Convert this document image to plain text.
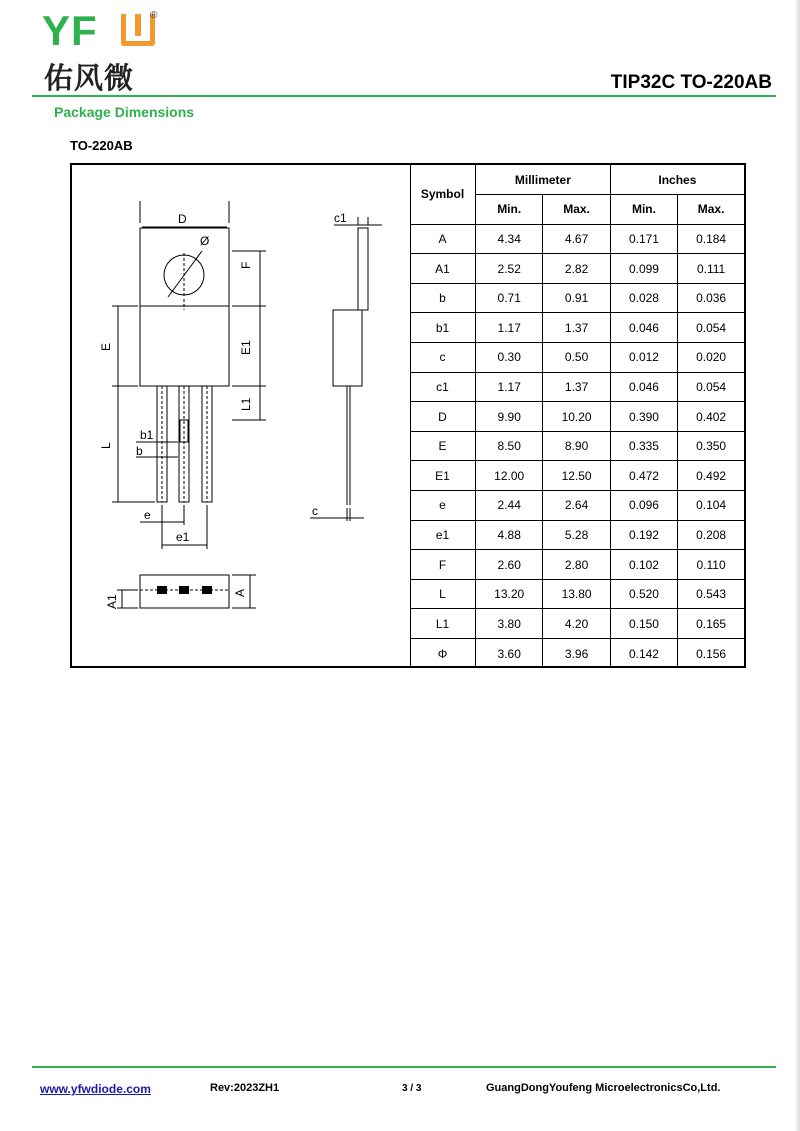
YF	®
佑风微	TIP32C TO-220AB
Package Dimensions
TO-220AB
D
Ø
F
E1
L1
E
L
b1
b
e
e1
c1
c
A1
A
Symbol	Millimeter		Inches	
	Min.	Max.	Min.	Max.
A	4.34	4.67	0.171	0.184
A1	2.52	2.82	0.099	0.111
b	0.71	0.91	0.028	0.036
b1	1.17	1.37	0.046	0.054
c	0.30	0.50	0.012	0.020
c1	1.17	1.37	0.046	0.054
D	9.90	10.20	0.390	0.402
E	8.50	8.90	0.335	0.350
E1	12.00	12.50	0.472	0.492
e	2.44	2.64	0.096	0.104
e1	4.88	5.28	0.192	0.208
F	2.60	2.80	0.102	0.110
L	13.20	13.80	0.520	0.543
L1	3.80	4.20	0.150	0.165
Φ	3.60	3.96	0.142	0.156
www.yfwdiode.com	Rev:2023ZH1	3 / 3	GuangDongYoufeng MicroelectronicsCo,Ltd.
